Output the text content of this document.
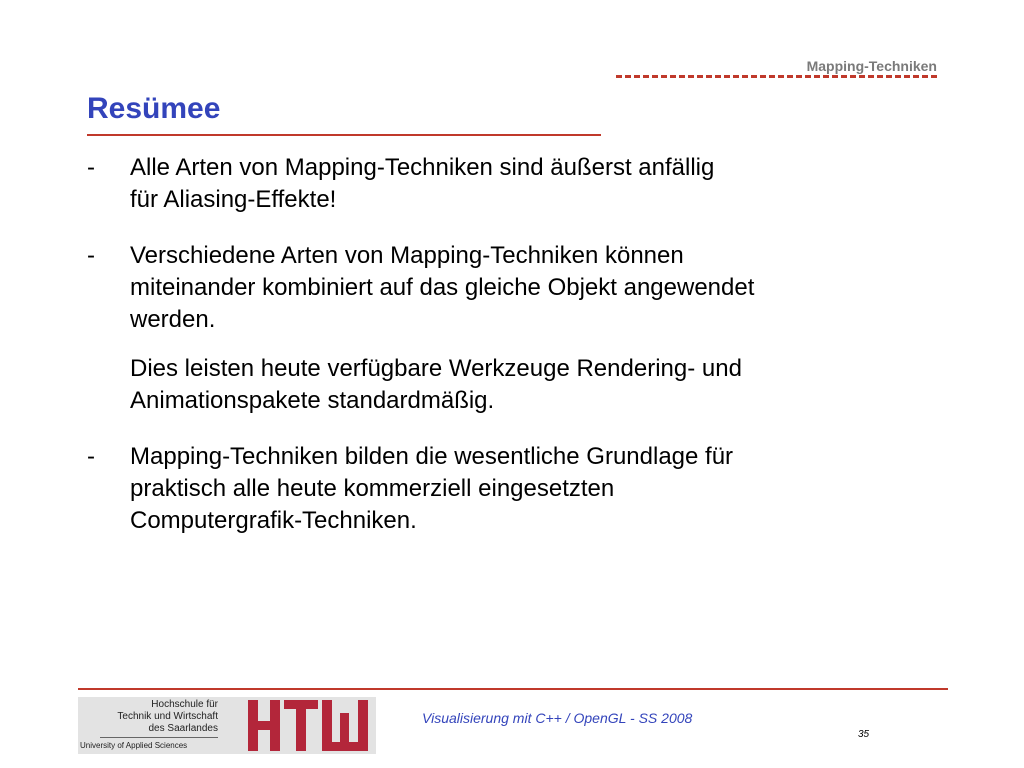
Mapping-Techniken
Resümee
- Alle Arten von Mapping-Techniken sind äußerst anfällig
für Aliasing-Effekte!
- Verschiedene Arten von Mapping-Techniken können
miteinander kombiniert auf das gleiche Objekt angewendet
werden.
Dies leisten heute verfügbare Werkzeuge Rendering- und
Animationspakete standardmäßig.
- Mapping-Techniken bilden die wesentliche Grundlage für
praktisch alle heute kommerziell eingesetzten
Computergrafik-Techniken.
Hochschule für
Technik und Wirtschaft
des Saarlandes
University of Applied Sciences
Visualisierung mit C++ / OpenGL - SS 2008
35
